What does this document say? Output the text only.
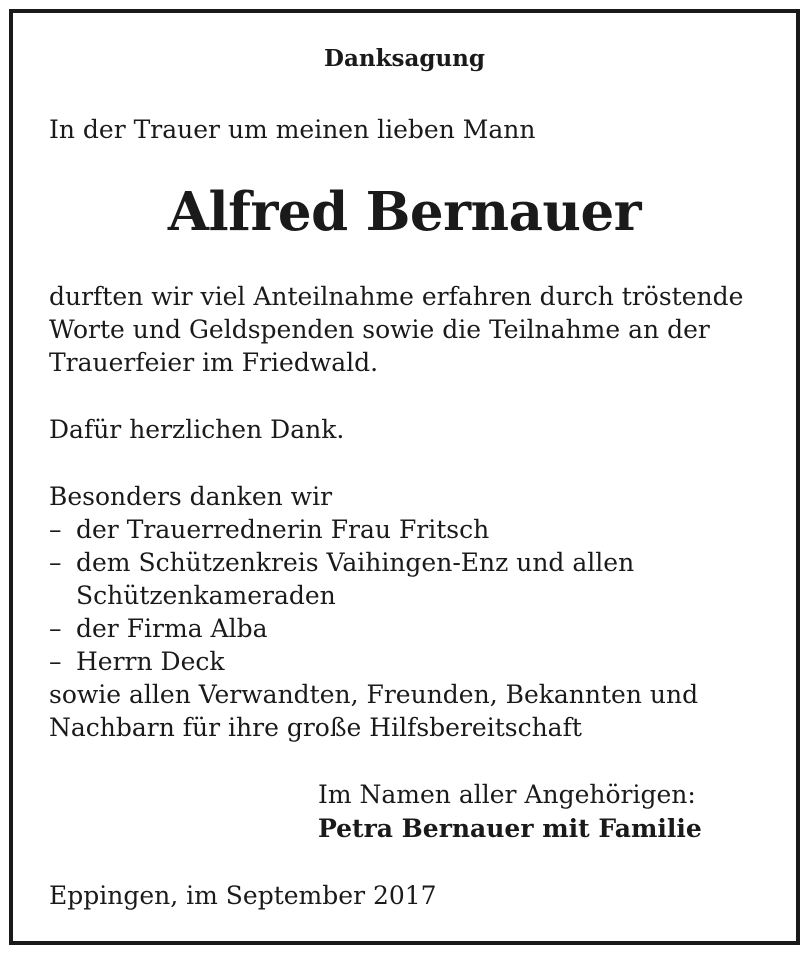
Danksagung
In der Trauer um meinen lieben Mann
Alfred Bernauer
durften wir viel Anteilnahme erfahren durch tröstende
Worte und Geldspenden sowie die Teilnahme an der
Trauerfeier im Friedwald.
Dafür herzlichen Dank.
Besonders danken wir
– der Trauerrednerin Frau Fritsch
– dem Schützenkreis Vaihingen-Enz und allen
Schützenkameraden
– der Firma Alba
– Herrn Deck
sowie allen Verwandten, Freunden, Bekannten und
Nachbarn für ihre große Hilfsbereitschaft
Im Namen aller Angehörigen:
Petra Bernauer mit Familie
Eppingen, im September 2017
